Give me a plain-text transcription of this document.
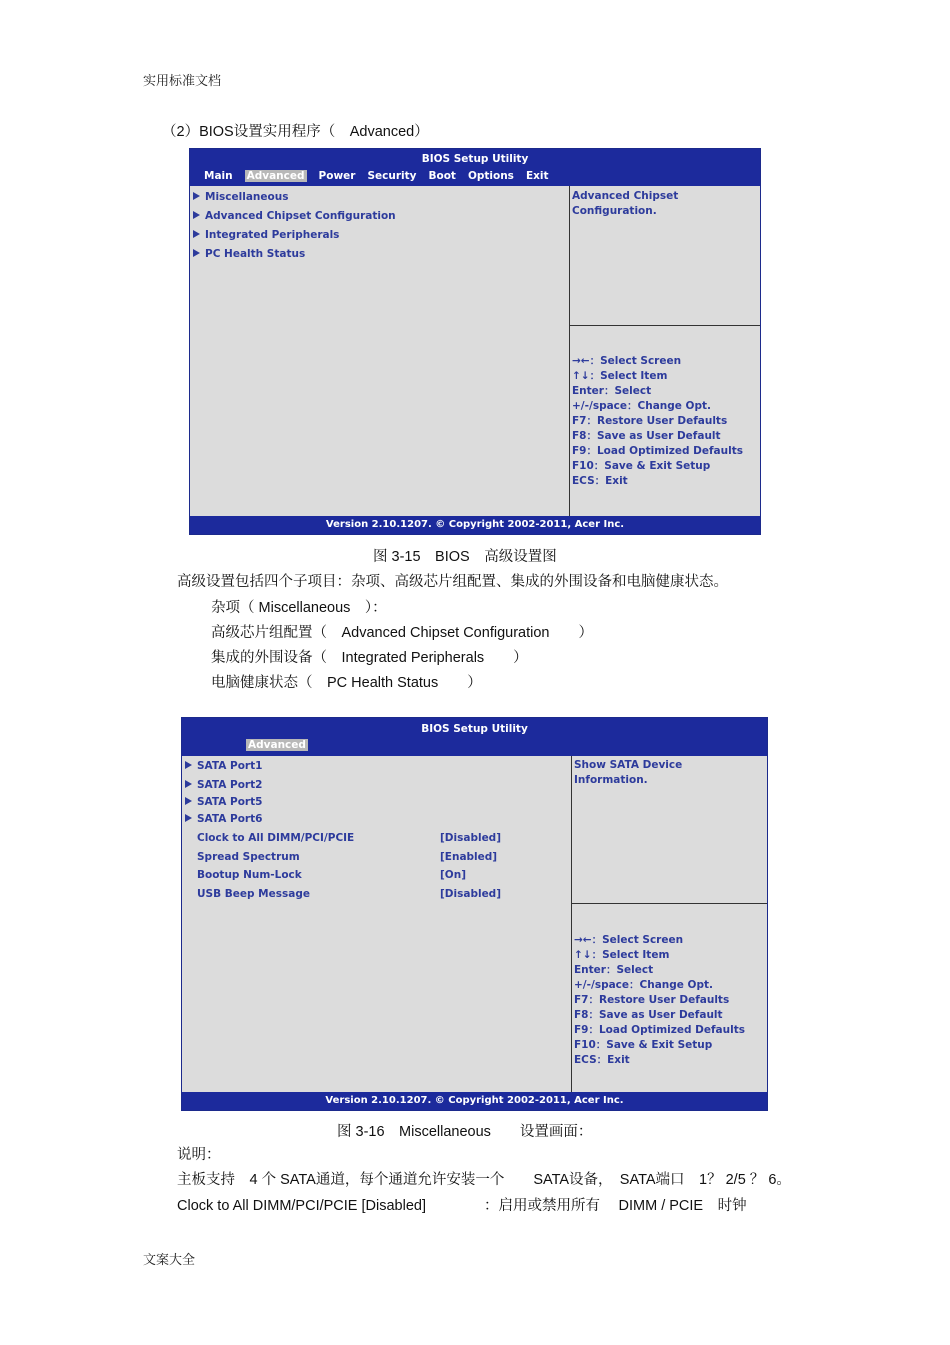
实用标准文档
（2）BIOS设置实用程序（　Advanced）
BIOS Setup Utility
Main Advanced Power Security Boot Options Exit
Miscellaneous
Advanced Chipset Configuration
Integrated Peripherals
PC Health Status
Advanced Chipset
Configuration.
→←：Select Screen
↑↓：Select Item
Enter：Select
+/-/space：Change Opt.
F7：Restore User Defaults
F8：Save as User Default
F9：Load Optimized Defaults
F10：Save & Exit Setup
ECS：Exit
Version 2.10.1207. © Copyright 2002-2011, Acer Inc.
图 3-15　BIOS　高级设置图
高级设置包括四个子项目：杂项、高级芯片组配置、集成的外围设备和电脑健康状态。
杂项（ Miscellaneous　）：
高级芯片组配置（　Advanced Chipset Configuration　　）
集成的外围设备（　Integrated Peripherals　　）
电脑健康状态（　PC Health Status　　）
BIOS Setup Utility
Advanced
SATA Port1
SATA Port2
SATA Port5
SATA Port6
Clock to All DIMM/PCI/PCIE	[Disabled]
Spread Spectrum	[Enabled]
Bootup Num-Lock	[On]
USB Beep Message	[Disabled]
Show SATA Device
Information.
→←：Select Screen
↑↓：Select Item
Enter：Select
+/-/space：Change Opt.
F7：Restore User Defaults
F8：Save as User Default
F9：Load Optimized Defaults
F10：Save & Exit Setup
ECS：Exit
Version 2.10.1207. © Copyright 2002-2011, Acer Inc.
图 3-16　Miscellaneous　　设置画面：
说明：
主板支持　4 个 SATA通道，每个通道允许安装一个　　SATA设备，　SATA端口　1？ 2/5 ？ 6。
Clock to All DIMM/PCI/PCIE [Disabled]　　　　：启用或禁用所有　 DIMM / PCIE　时钟
文案大全
